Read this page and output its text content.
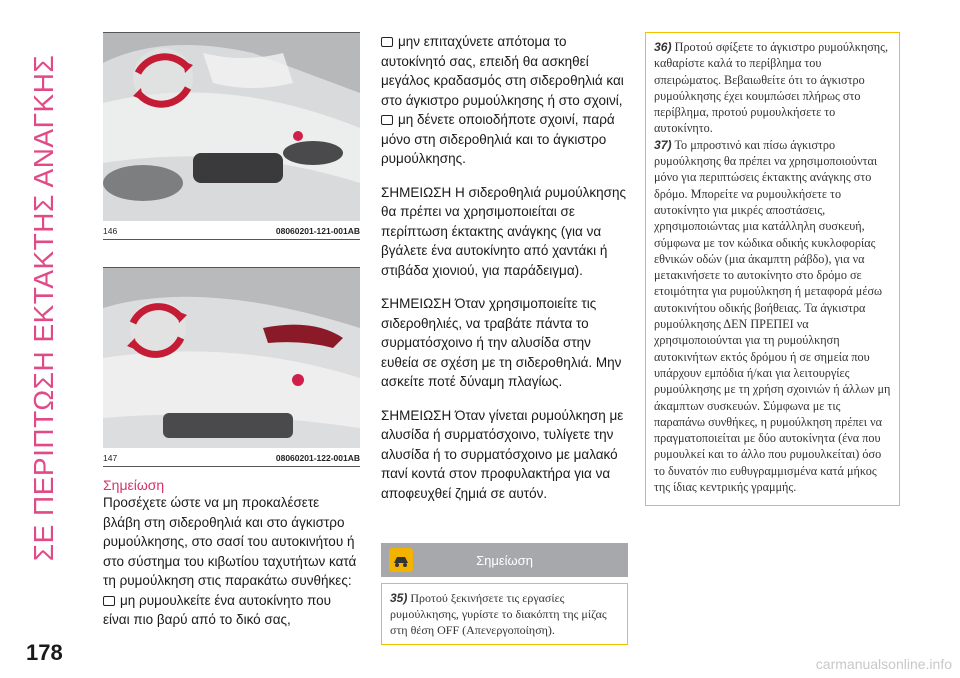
ΣΕ ΠΕΡΙΠΤΩΣΗ ΕΚΤΑΚΤΗΣ ΑΝΑΓΚΗΣ	146	08060201-121-001AB
147	08060201-122-001AB
Σημείωση

Προσέχετε ώστε να μη προκαλέσετε βλάβη στη σιδεροθηλιά και στο άγκιστρο ρυμούλκησης, στο σασί του αυτοκινήτου ή στο σύστημα του κιβωτίου ταχυτήτων κατά τη ρυμούλκηση στις παρακάτω συνθήκες:

μη ρυμουλκείτε ένα αυτοκίνητο που είναι πιο βαρύ από το δικό σας,

μην επιταχύνετε απότομα το αυτοκίνητό σας, επειδή θα ασκηθεί μεγάλος κραδασμός στη σιδεροθηλιά και στο άγκιστρο ρυμούλκησης ή στο σχοινί,

μη δένετε οποιοδήποτε σχοινί, παρά μόνο στη σιδεροθηλιά και το άγκιστρο ρυμούλκησης.

ΣΗΜΕΙΩΣΗ Η σιδεροθηλιά ρυμούλκησης θα πρέπει να χρησιμοποιείται σε περίπτωση έκτακτης ανάγκης (για να βγάλετε ένα αυτοκίνητο από χαντάκι ή στιβάδα χιονιού, για παράδειγμα).

ΣΗΜΕΙΩΣΗ Όταν χρησιμοποιείτε τις σιδεροθηλιές, να τραβάτε πάντα το συρματόσχοινο ή την αλυσίδα στην ευθεία σε σχέση με τη σιδεροθηλιά. Μην ασκείτε ποτέ δύναμη πλαγίως.

ΣΗΜΕΙΩΣΗ Όταν γίνεται ρυμούλκηση με αλυσίδα ή συρματόσχοινο, τυλίγετε την αλυσίδα ή το συρματόσχοινο με μαλακό πανί κοντά στον προφυλακτήρα για να αποφευχθεί ζημιά σε αυτόν.

Σημείωση
35) Προτού ξεκινήσετε τις εργασίες ρυμούλκησης, γυρίστε το διακόπτη της μίζας στη θέση OFF (Απενεργοποίηση).

36) Προτού σφίξετε το άγκιστρο ρυμούλκησης, καθαρίστε καλά το περίβλημα του σπειρώματος. Βεβαιωθείτε ότι το άγκιστρο ρυμούλκησης έχει κουμπώσει πλήρως στο περίβλημα, προτού ρυμουλκήσετε το αυτοκίνητο.

37) Το μπροστινό και πίσω άγκιστρο ρυμούλκησης θα πρέπει να χρησιμοποιούνται μόνο για περιπτώσεις έκτακτης ανάγκης στο δρόμο. Μπορείτε να ρυμουλκήσετε το αυτοκίνητο για μικρές αποστάσεις, χρησιμοποιώντας μια κατάλληλη συσκευή, σύμφωνα με τον κώδικα οδικής κυκλοφορίας εθνικών οδών (μια άκαμπτη ράβδο), για να μετακινήσετε το αυτοκίνητο στο δρόμο σε ετοιμότητα για ρυμούλκηση ή μεταφορά μέσω αυτοκινήτου οδικής βοήθειας. Τα άγκιστρα ρυμούλκησης ΔΕΝ ΠΡΕΠΕΙ να χρησιμοποιούνται για τη ρυμούλκηση αυτοκινήτων εκτός δρόμου ή σε σημεία που υπάρχουν εμπόδια ή/και για λειτουργίες ρυμούλκησης με τη χρήση σχοινιών ή άλλων μη άκαμπτων συσκευών. Σύμφωνα με τις παραπάνω συνθήκες, η ρυμούλκηση πρέπει να πραγματοποιείται με δύο αυτοκίνητα (ένα που ρυμουλκεί και το άλλο που ρυμουλκείται) όσο το δυνατόν πιο ευθυγραμμισμένα κατά μήκος της ίδιας κεντρικής γραμμής.

178	carmanualsonline.info
